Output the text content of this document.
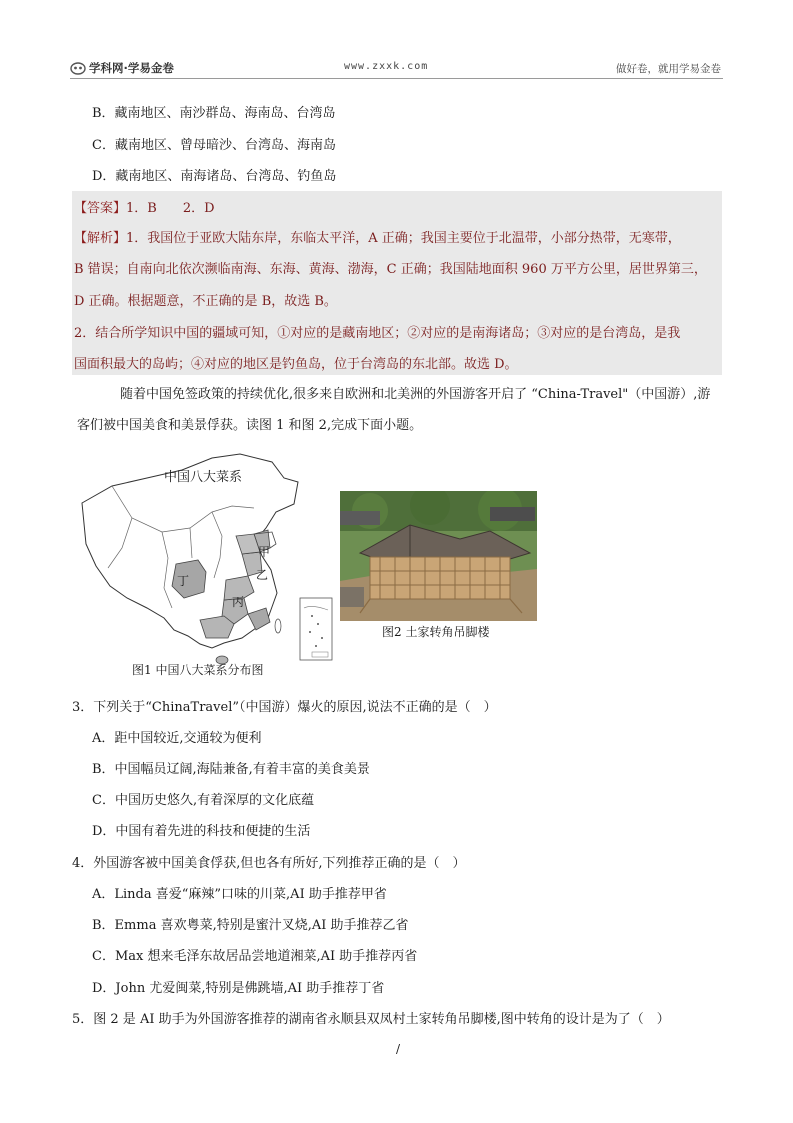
学科网·学易金卷	www.zxxk.com	做好卷，就用学易金卷
B．藏南地区、南沙群岛、海南岛、台湾岛
C．藏南地区、曾母暗沙、台湾岛、海南岛
D．藏南地区、南海诸岛、台湾岛、钓鱼岛
【答案】1．B　　2．D
【解析】1．我国位于亚欧大陆东岸，东临太平洋，A 正确；我国主要位于北温带，小部分热带，无寒带，
B 错误；自南向北依次濒临南海、东海、黄海、渤海，C 正确；我国陆地面积 960 万平方公里，居世界第三，
D 正确。根据题意，不正确的是 B，故选 B。
2．结合所学知识中国的疆域可知，①对应的是藏南地区；②对应的是南海诸岛；③对应的是台湾岛，是我
国面积最大的岛屿；④对应的地区是钓鱼岛，位于台湾岛的东北部。故选 D。
随着中国免签政策的持续优化,很多来自欧洲和北美洲的外国游客开启了 “China-Travel"（中国游）,游
客们被中国美食和美景俘获。读图 1 和图 2,完成下面小题。
中国八大菜系
甲
乙
丙
丁
图1 中国八大菜系分布图
图2 土家转角吊脚楼
3．下列关于“ChinaTravel”（中国游）爆火的原因,说法不正确的是（　）
A．距中国较近,交通较为便利
B．中国幅员辽阔,海陆兼备,有着丰富的美食美景
C．中国历史悠久,有着深厚的文化底蕴
D．中国有着先进的科技和便捷的生活
4．外国游客被中国美食俘获,但也各有所好,下列推荐正确的是（　）
A．Linda 喜爱“麻辣”口味的川菜,AI 助手推荐甲省
B．Emma 喜欢粤菜,特别是蜜汁叉烧,AI 助手推荐乙省
C．Max 想来毛泽东故居品尝地道湘菜,AI 助手推荐丙省
D．John 尤爱闽菜,特别是佛跳墙,AI 助手推荐丁省
5．图 2 是 AI 助手为外国游客推荐的湖南省永顺县双凤村土家转角吊脚楼,图中转角的设计是为了（　）
/
